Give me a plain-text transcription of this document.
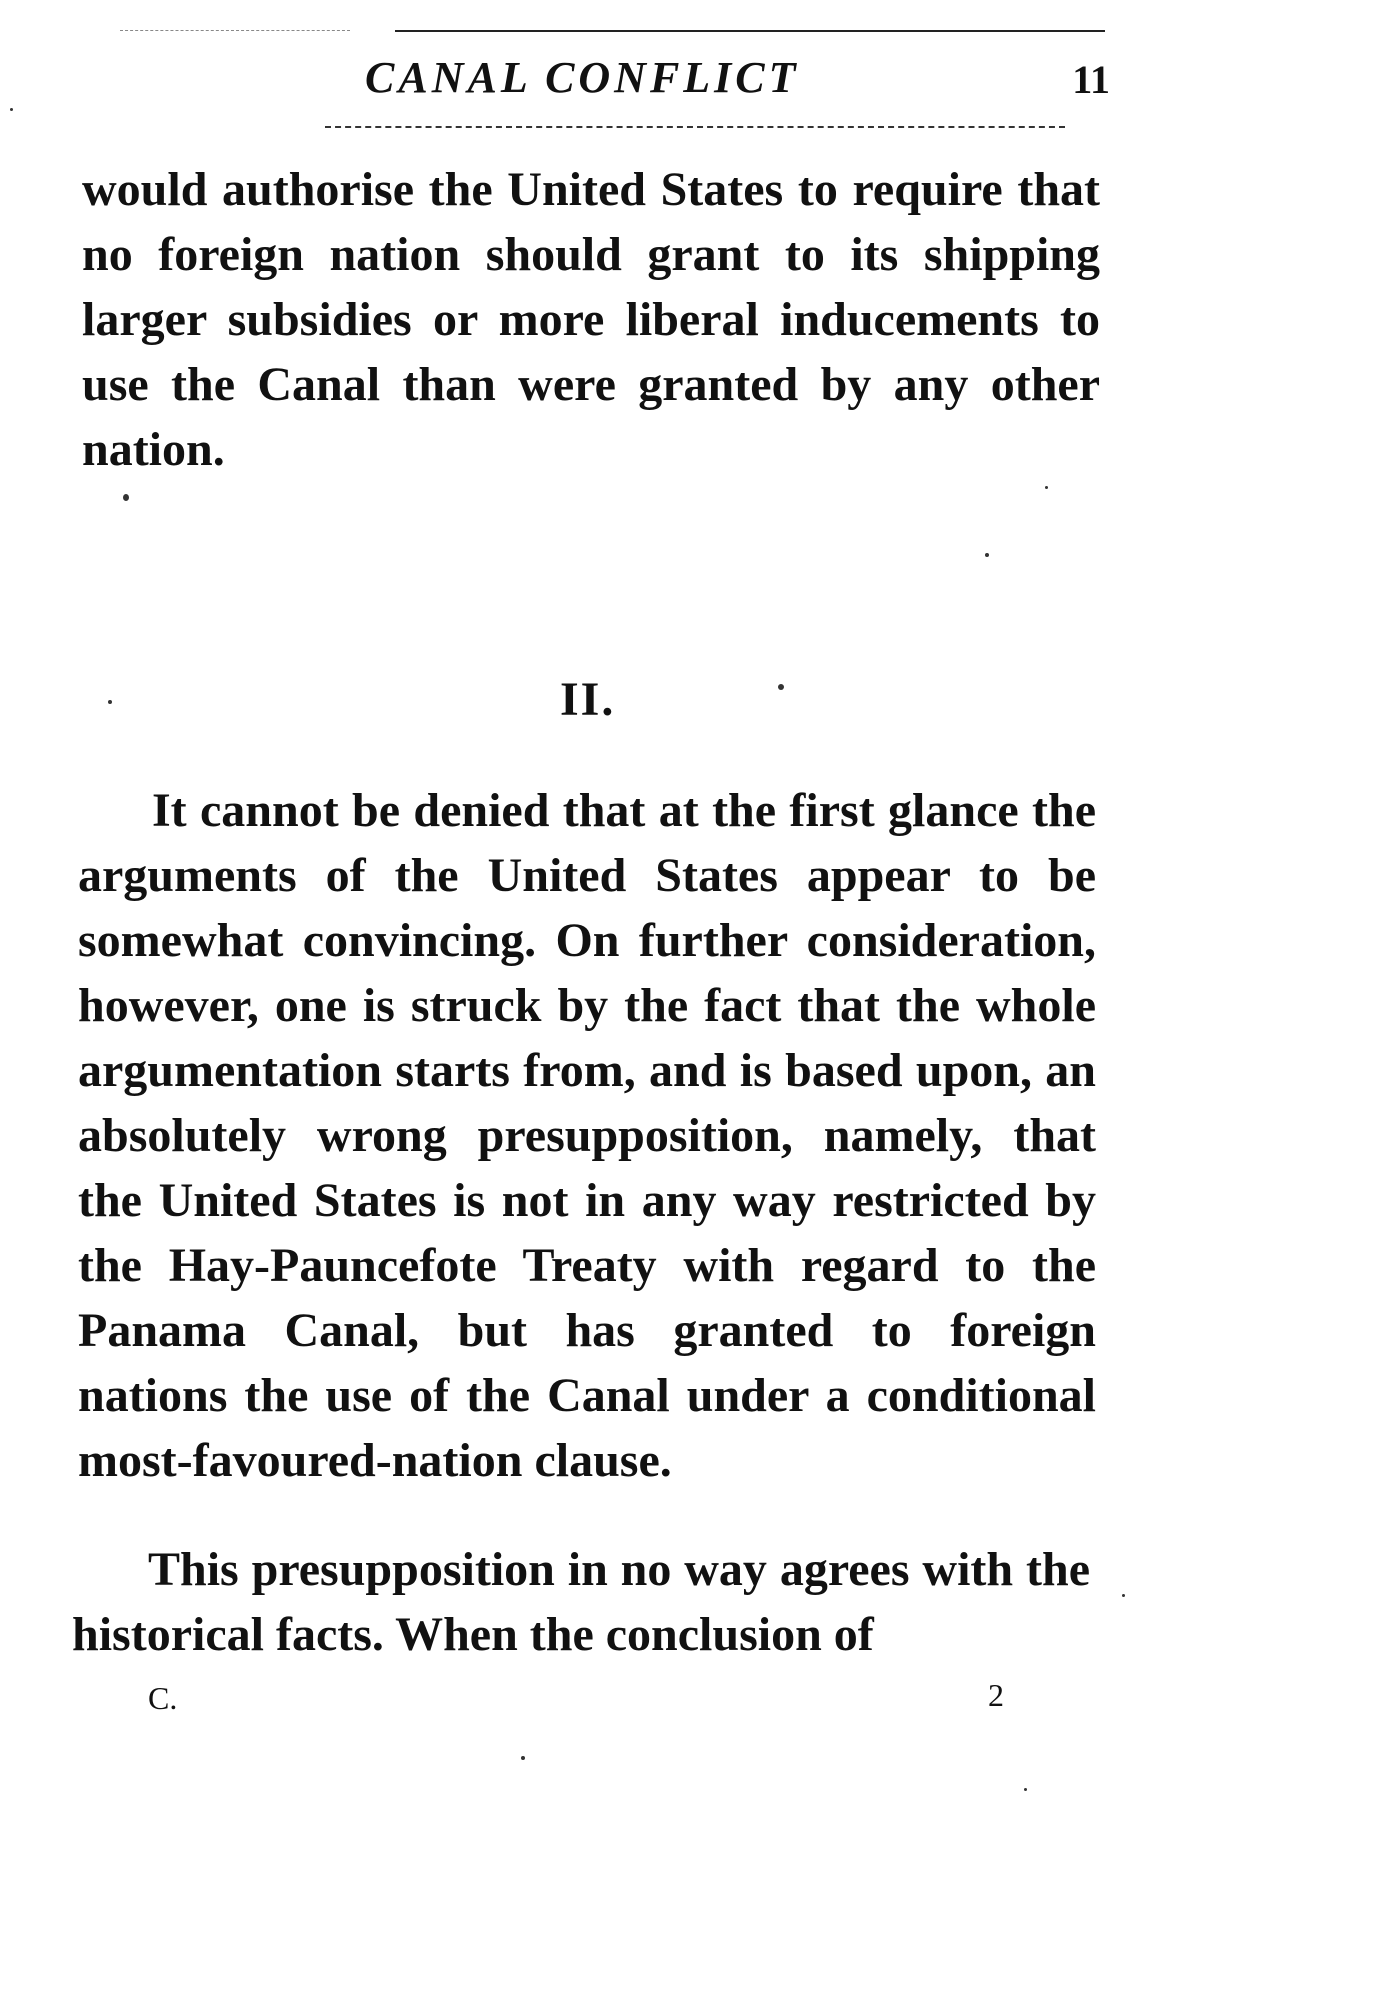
CANAL CONFLICT	11

would authorise the United States to require that no foreign nation should grant to its shipping larger subsidies or more liberal inducements to use the Canal than were granted by any other nation.

II.

It cannot be denied that at the first glance the arguments of the United States appear to be somewhat convincing. On further consideration, however, one is struck by the fact that the whole argumentation starts from, and is based upon, an absolutely wrong presupposition, namely, that the United States is not in any way restricted by the Hay-Pauncefote Treaty with regard to the Panama Canal, but has granted to foreign nations the use of the Canal under a conditional most-favoured-nation clause.

This presupposition in no way agrees with the historical facts. When the conclusion of

C.	2
